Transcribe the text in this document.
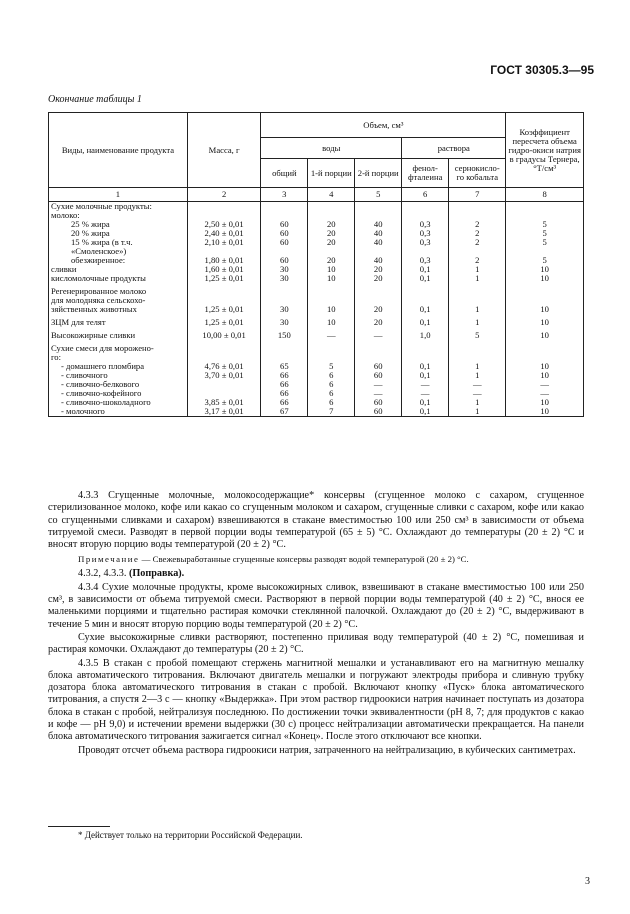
ГОСТ 30305.3—95
Окончание таблицы 1
Виды, наименование продукта	Масса, г	Объем, см³					Коэффициент пересчета объема гидро-окиси натрия в градусы Тернера, °Т/см³
		воды			раствора		
		общий	1-й порции	2-й порции	фенол-фталеина	сернокисло-го кобальта	
1	2	3	4	5	6	7	8
Сухие молочные продукты:							
молоко:							
25 % жира	2,50 ± 0,01	60	20	40	0,3	2	5
20 % жира	2,40 ± 0,01	60	20	40	0,3	2	5
15 % жира (в т.ч.	2,10 ± 0,01	60	20	40	0,3	2	5
«Смоленское»)							
обезжиренное:	1,80 ± 0,01	60	20	40	0,3	2	5
сливки	1,60 ± 0,01	30	10	20	0,1	1	10
кисломолочные продукты	1,25 ± 0,01	30	10	20	0,1	1	10

Регенерированное молоко							
для молодняка сельскохо-							
зяйственных животных	1,25 ± 0,01	30	10	20	0,1	1	10

ЗЦМ для телят	1,25 ± 0,01	30	10	20	0,1	1	10

Высокожирные сливки	10,00 ± 0,01	150	—	—	1,0	5	10

Сухие смеси для морожено-							
го:							
- домашнего пломбира	4,76 ± 0,01	65	5	60	0,1	1	10
- сливочного	3,70 ± 0,01	66	6	60	0,1	1	10
- сливочно-белкового		66	6	—	—	—	—
- сливочно-кофейного		66	6	—	—	—	—
- сливочно-шоколадного	3,85 ± 0,01	66	6	60	0,1	1	10
- молочного	3,17 ± 0,01	67	7	60	0,1	1	10

4.3.3 Сгущенные молочные, молокосодержащие* консервы (сгущенное молоко с сахаром, сгущенное стерилизованное молоко, кофе или какао со сгущенным молоком и сахаром, сгущенные сливки с сахаром, кофе или какао со сгущенными сливками и сахаром) взвешиваются в стакане вместимостью 100 или 250 см³ в зависимости от объема титруемой смеси. Разводят в первой порции воды температурой (65 ± 5) °С. Охлаждают до температуры (20 ± 2) °С и вносят вторую порцию воды температурой (20 ± 2) °С.

Примечание — Свежевыработанные сгущенные консервы разводят водой температурой (20 ± 2) °С.

4.3.2, 4.3.3. (Поправка).

4.3.4 Сухие молочные продукты, кроме высокожирных сливок, взвешивают в стакане вместимостью 100 или 250 см³, в зависимости от объема титруемой смеси. Растворяют в первой порции воды температурой (40 ± 2) °С, внося ее маленькими порциями и тщательно растирая комочки стеклянной палочкой. Охлаждают до (20 ± 2) °С, выдерживают в течение 5 мин и вносят вторую порцию воды температурой (20 ± 2) °С.

Сухие высокожирные сливки растворяют, постепенно приливая воду температурой (40 ± 2) °С, помешивая и растирая комочки. Охлаждают до температуры (20 ± 2) °С.

4.3.5 В стакан с пробой помещают стержень магнитной мешалки и устанавливают его на магнитную мешалку блока автоматического титрования. Включают двигатель мешалки и погружают электроды прибора и сливную трубку дозатора блока автоматического титрования в стакан с пробой. Включают кнопку «Пуск» блока автоматического титрования, а спустя 2—3 с — кнопку «Выдержка». При этом раствор гидроокиси натрия начинает поступать из дозатора блока в стакан с пробой, нейтрализуя последнюю. По достижении точки эквивалентности (рН 8, 7; для продуктов с какао и кофе — рН 9,0) и истечении времени выдержки (30 с) процесс нейтрализации автоматически прекращается. На панели блока автоматического титрования зажигается сигнал «Конец». После этого отключают все кнопки.

Проводят отсчет объема раствора гидроокиси натрия, затраченного на нейтрализацию, в кубических сантиметрах.

* Действует только на территории Российской Федерации.
3
